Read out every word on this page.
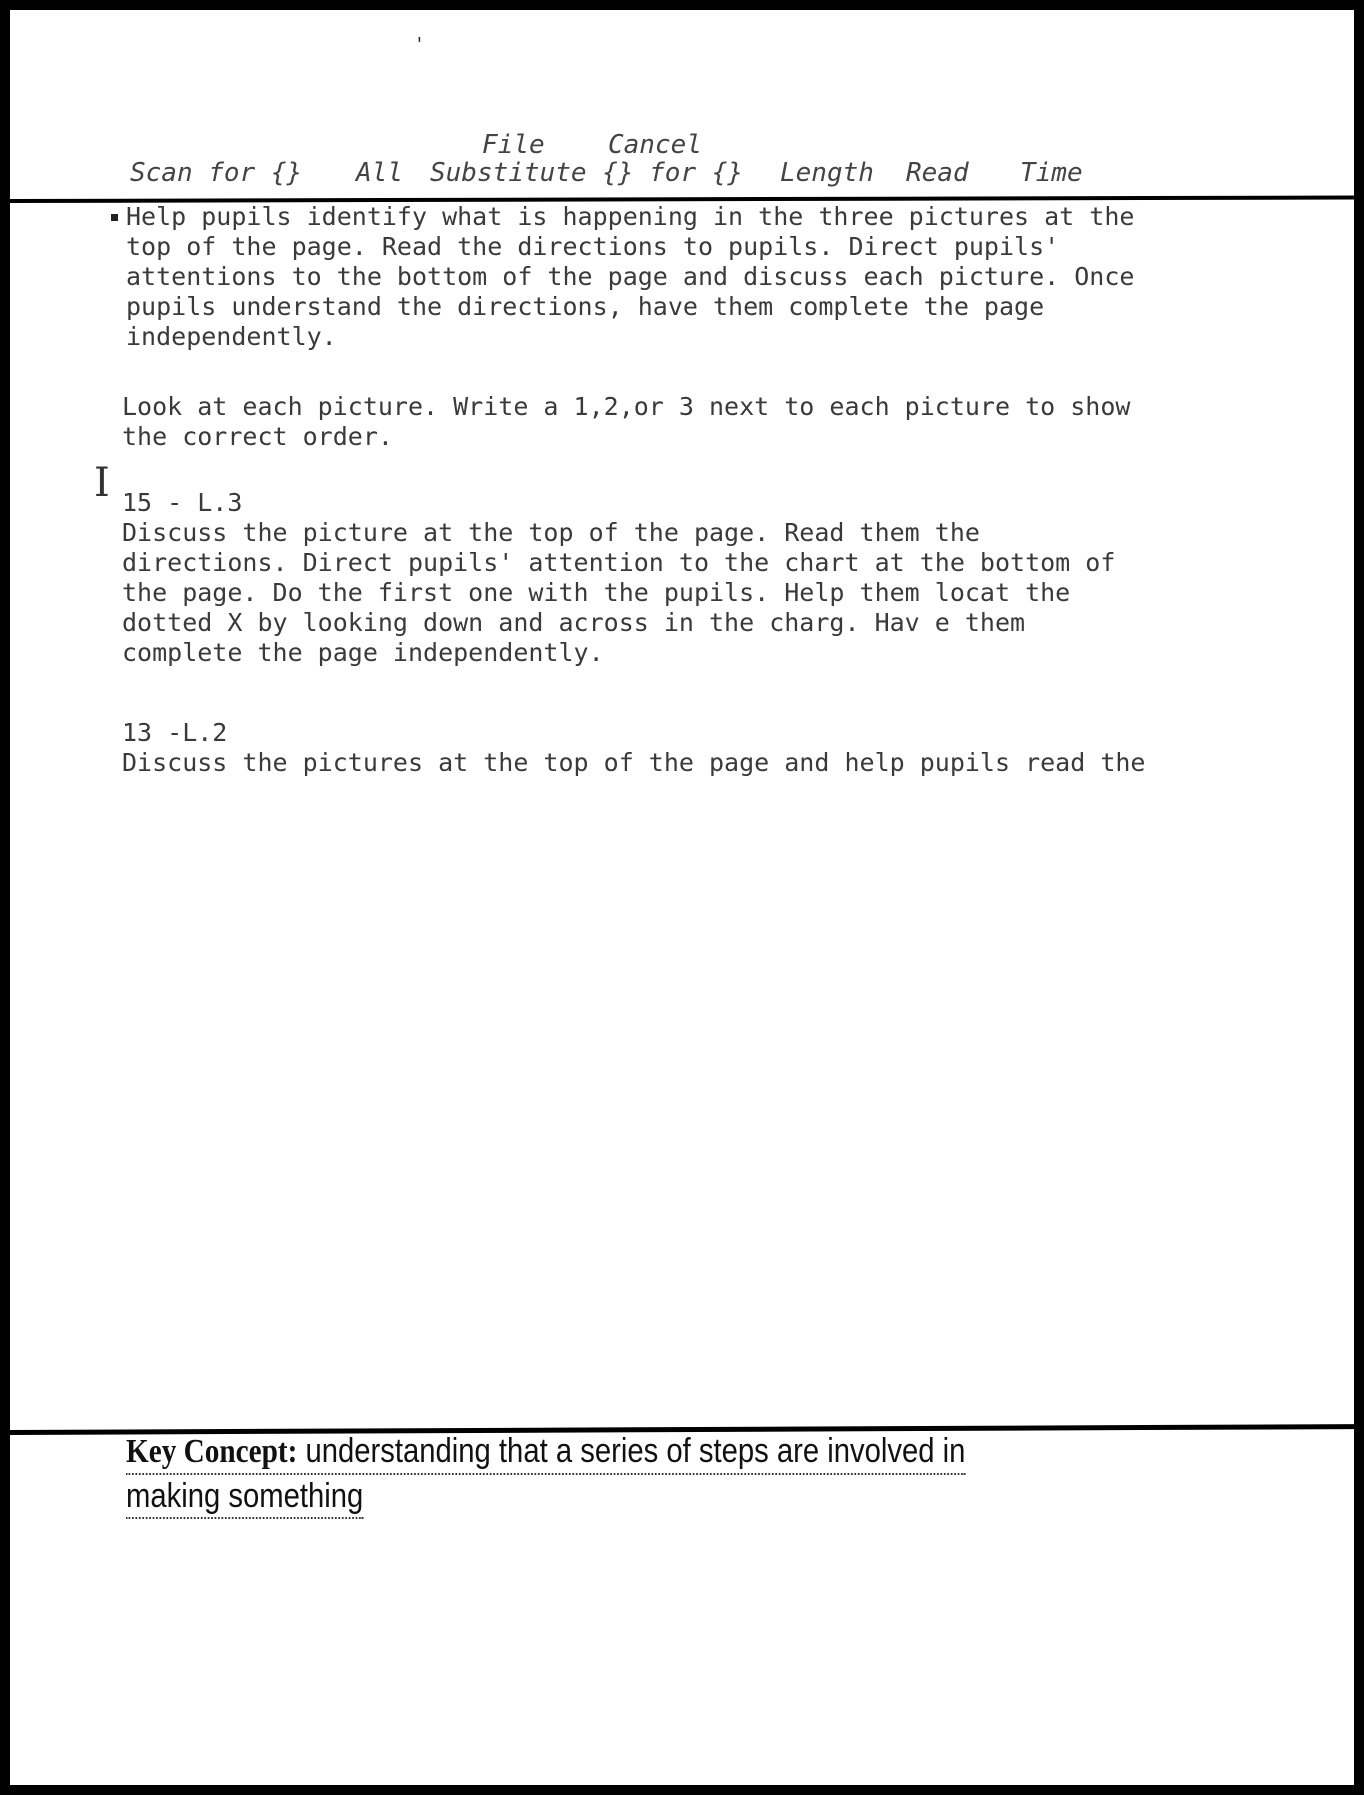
'
File Cancel
Scan for {} All Substitute {} for {} Length Read Time
I

Help pupils identify what is happening in the three pictures at the
top of the page. Read the directions to pupils. Direct pupils'
attentions to the bottom of the page and discuss each picture. Once
pupils understand the directions, have them complete the page
independently.

Look at each picture. Write a 1,2,or 3 next to each picture to show
the correct order.

15 - L.3

Discuss the picture at the top of the page. Read them the
directions. Direct pupils' attention to the chart at the bottom of
the page. Do the first one with the pupils. Help them locat the
dotted X by looking down and across in the charg. Hav e them
complete the page independently.

13 -L.2

Discuss the pictures at the top of the page and help pupils read the

Key Concept: understanding that a series of steps are involved in
making something
